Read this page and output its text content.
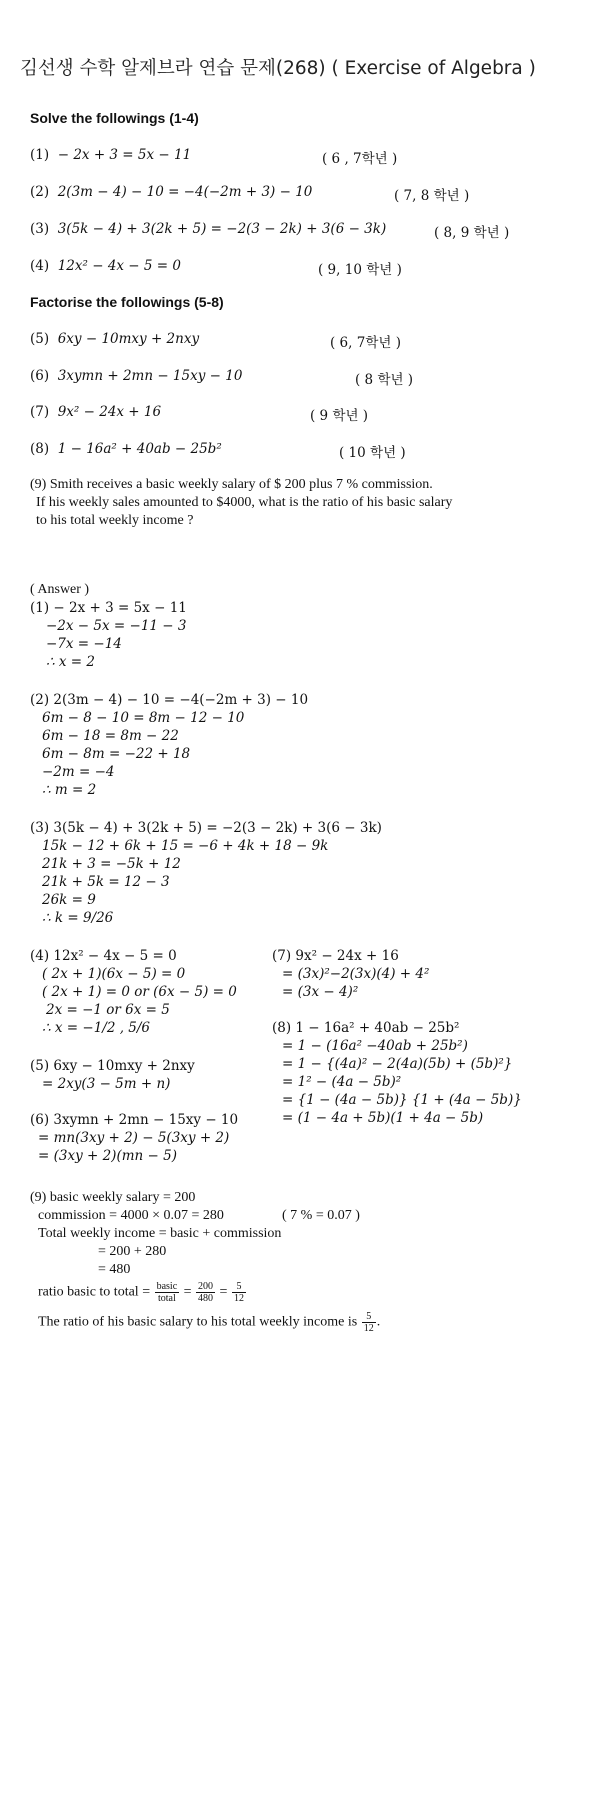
김선생 수학 알제브라 연습 문제(268) ( Exercise of Algebra )
Solve the followings (1-4)
(1) − 2x + 3 = 5x − 11	( 6 , 7학년 )
(2) 2(3m − 4) − 10 = −4(−2m + 3) − 10	( 7, 8 학년 )
(3) 3(5k − 4) + 3(2k + 5) = −2(3 − 2k) + 3(6 − 3k)	( 8, 9 학년 )
(4) 12x² − 4x − 5 = 0	( 9, 10 학년 )
Factorise the followings (5-8)
(5) 6xy − 10mxy + 2nxy	( 6, 7학년 )
(6) 3xymn + 2mn − 15xy − 10	( 8 학년 )
(7) 9x² − 24x + 16	( 9 학년 )
(8) 1 − 16a² + 40ab − 25b²	( 10 학년 )
(9) Smith receives a basic weekly salary of $ 200 plus 7 % commission.
If his weekly sales amounted to $4000, what is the ratio of his basic salary
to his total weekly income ?
( Answer )
(1) − 2x + 3 = 5x − 11
−2x − 5x = −11 − 3
−7x = −14
∴ x = 2
(2) 2(3m − 4) − 10 = −4(−2m + 3) − 10
6m − 8 − 10 = 8m − 12 − 10
6m − 18 = 8m − 22
6m − 8m = −22 + 18
−2m = −4
∴ m = 2
(3) 3(5k − 4) + 3(2k + 5) = −2(3 − 2k) + 3(6 − 3k)
15k − 12 + 6k + 15 = −6 + 4k + 18 − 9k
21k + 3 = −5k + 12
21k + 5k = 12 − 3
26k = 9
∴ k = 9/26
(4) 12x² − 4x − 5 = 0
( 2x + 1)(6x − 5) = 0
( 2x + 1) = 0 or (6x − 5) = 0
2x = −1 or 6x = 5
∴ x = −1/2 , 5/6
(5) 6xy − 10mxy + 2nxy
= 2xy(3 − 5m + n)
(6) 3xymn + 2mn − 15xy − 10
= mn(3xy + 2) − 5(3xy + 2)
= (3xy + 2)(mn − 5)
(7) 9x² − 24x + 16
= (3x)²−2(3x)(4) + 4²
= (3x − 4)²
(8) 1 − 16a² + 40ab − 25b²
= 1 − (16a² −40ab + 25b²)
= 1 − {(4a)² − 2(4a)(5b) + (5b)²}
= 1² − (4a − 5b)²
= {1 − (4a − 5b)} {1 + (4a − 5b)}
= (1 − 4a + 5b)(1 + 4a − 5b)
(9) basic weekly salary = 200
commission = 4000 × 0.07 = 280	( 7 % = 0.07 )
Total weekly income = basic + commission
= 200 + 280
= 480
ratio basic to total = $\frac{\text{basic}}{\text{total}} = \frac{200}{480} = \frac{5}{12}$
The ratio of his basic salary to his total weekly income is $\frac{5}{12}$ .
